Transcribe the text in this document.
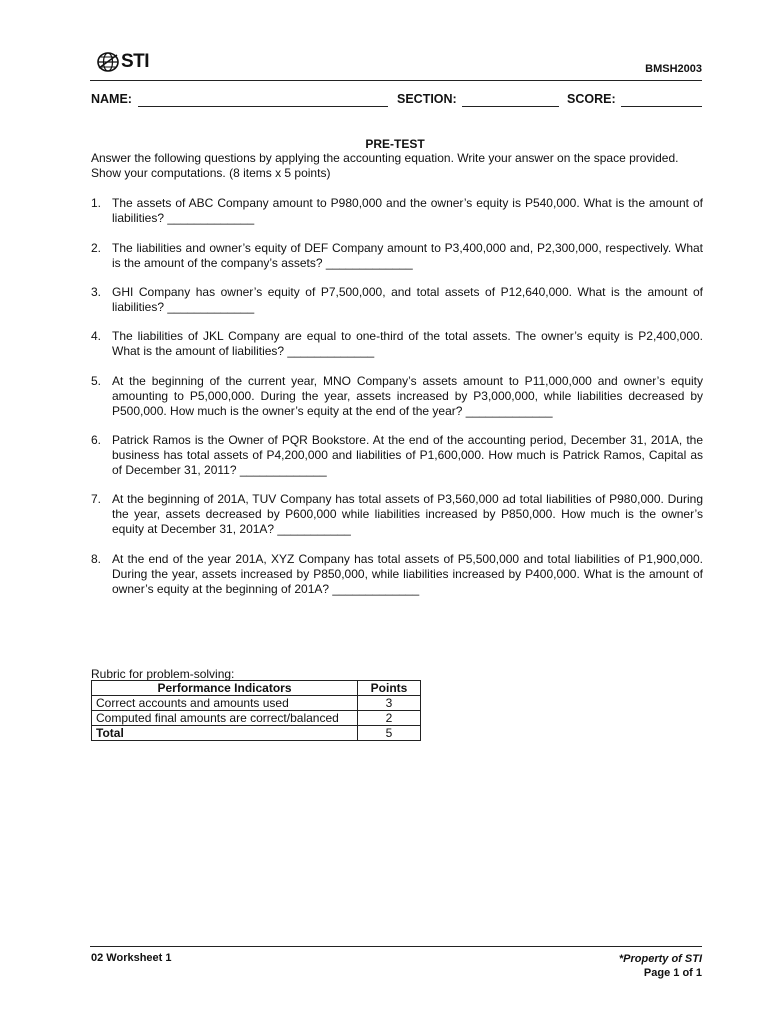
STI	BMSH2003
NAME:	SECTION:	SCORE:
PRE-TEST
Answer the following questions by applying the accounting equation. Write your answer on the space provided. Show your computations. (8 items x 5 points)
1. The assets of ABC Company amount to P980,000 and the owner’s equity is P540,000. What is the amount of liabilities? _____________
2. The liabilities and owner’s equity of DEF Company amount to P3,400,000 and, P2,300,000, respectively. What is the amount of the company’s assets? _____________
3. GHI Company has owner’s equity of P7,500,000, and total assets of P12,640,000. What is the amount of liabilities? _____________
4. The liabilities of JKL Company are equal to one-third of the total assets. The owner’s equity is P2,400,000. What is the amount of liabilities? _____________
5. At the beginning of the current year, MNO Company’s assets amount to P11,000,000 and owner’s equity amounting to P5,000,000. During the year, assets increased by P3,000,000, while liabilities decreased by P500,000. How much is the owner’s equity at the end of the year? _____________
6. Patrick Ramos is the Owner of PQR Bookstore. At the end of the accounting period, December 31, 201A, the business has total assets of P4,200,000 and liabilities of P1,600,000. How much is Patrick Ramos, Capital as of December 31, 2011? _____________
7. At the beginning of 201A, TUV Company has total assets of P3,560,000 ad total liabilities of P980,000. During the year, assets decreased by P600,000 while liabilities increased by P850,000. How much is the owner’s equity at December 31, 201A? ___________
8. At the end of the year 201A, XYZ Company has total assets of P5,500,000 and total liabilities of P1,900,000. During the year, assets increased by P850,000, while liabilities increased by P400,000. What is the amount of owner’s equity at the beginning of 201A? _____________
Rubric for problem-solving:
Performance Indicators	Points
Correct accounts and amounts used	3
Computed final amounts are correct/balanced	2
Total	5
02 Worksheet 1	*Property of STI
Page 1 of 1
